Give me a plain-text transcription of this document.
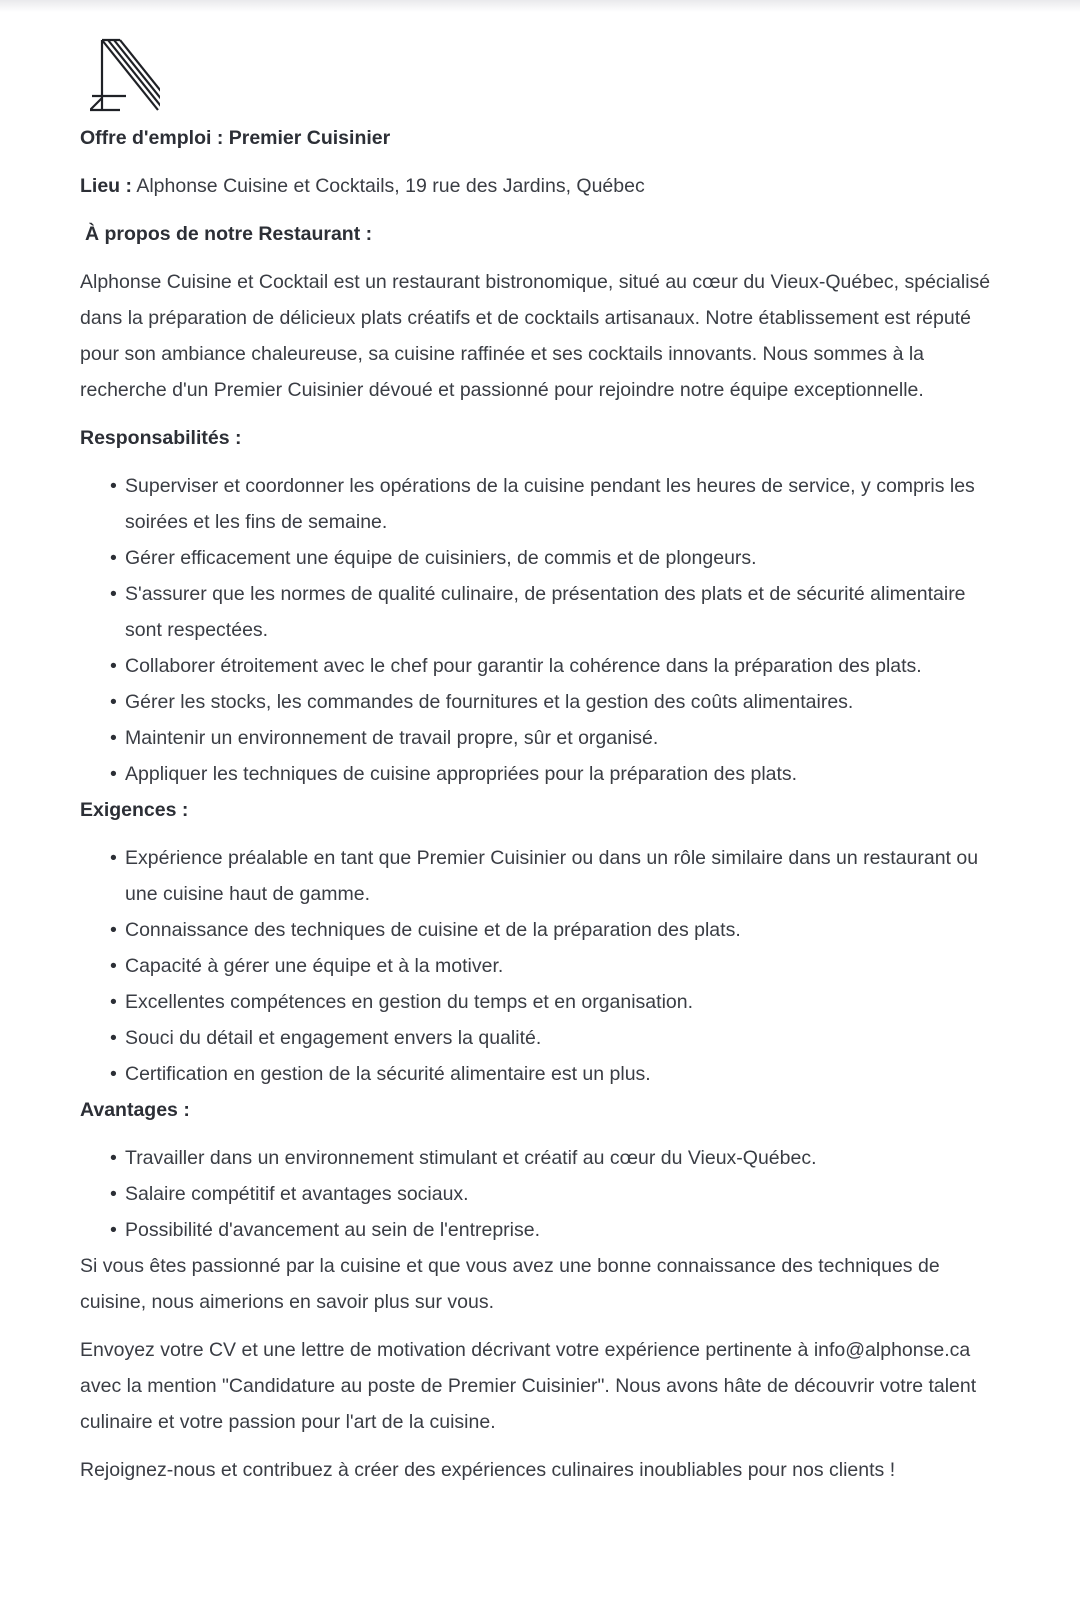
Offre d'emploi : Premier Cuisinier

Lieu : Alphonse Cuisine et Cocktails, 19 rue des Jardins, Québec

À propos de notre Restaurant :

Alphonse Cuisine et Cocktail est un restaurant bistronomique, situé au cœur du Vieux-Québec, spécialisé dans la préparation de délicieux plats créatifs et de cocktails artisanaux. Notre établissement est réputé pour son ambiance chaleureuse, sa cuisine raffinée et ses cocktails innovants. Nous sommes à la recherche d'un Premier Cuisinier dévoué et passionné pour rejoindre notre équipe exceptionnelle.

Responsabilités :

• Superviser et coordonner les opérations de la cuisine pendant les heures de service, y compris les soirées et les fins de semaine.
• Gérer efficacement une équipe de cuisiniers, de commis et de plongeurs.
• S'assurer que les normes de qualité culinaire, de présentation des plats et de sécurité alimentaire sont respectées.
• Collaborer étroitement avec le chef pour garantir la cohérence dans la préparation des plats.
• Gérer les stocks, les commandes de fournitures et la gestion des coûts alimentaires.
• Maintenir un environnement de travail propre, sûr et organisé.
• Appliquer les techniques de cuisine appropriées pour la préparation des plats.

Exigences :

• Expérience préalable en tant que Premier Cuisinier ou dans un rôle similaire dans un restaurant ou une cuisine haut de gamme.
• Connaissance des techniques de cuisine et de la préparation des plats.
• Capacité à gérer une équipe et à la motiver.
• Excellentes compétences en gestion du temps et en organisation.
• Souci du détail et engagement envers la qualité.
• Certification en gestion de la sécurité alimentaire est un plus.

Avantages :

• Travailler dans un environnement stimulant et créatif au cœur du Vieux-Québec.
• Salaire compétitif et avantages sociaux.
• Possibilité d'avancement au sein de l'entreprise.

Si vous êtes passionné par la cuisine et que vous avez une bonne connaissance des techniques de cuisine, nous aimerions en savoir plus sur vous.

Envoyez votre CV et une lettre de motivation décrivant votre expérience pertinente à info@alphonse.ca avec la mention "Candidature au poste de Premier Cuisinier". Nous avons hâte de découvrir votre talent culinaire et votre passion pour l'art de la cuisine.

Rejoignez-nous et contribuez à créer des expériences culinaires inoubliables pour nos clients !
